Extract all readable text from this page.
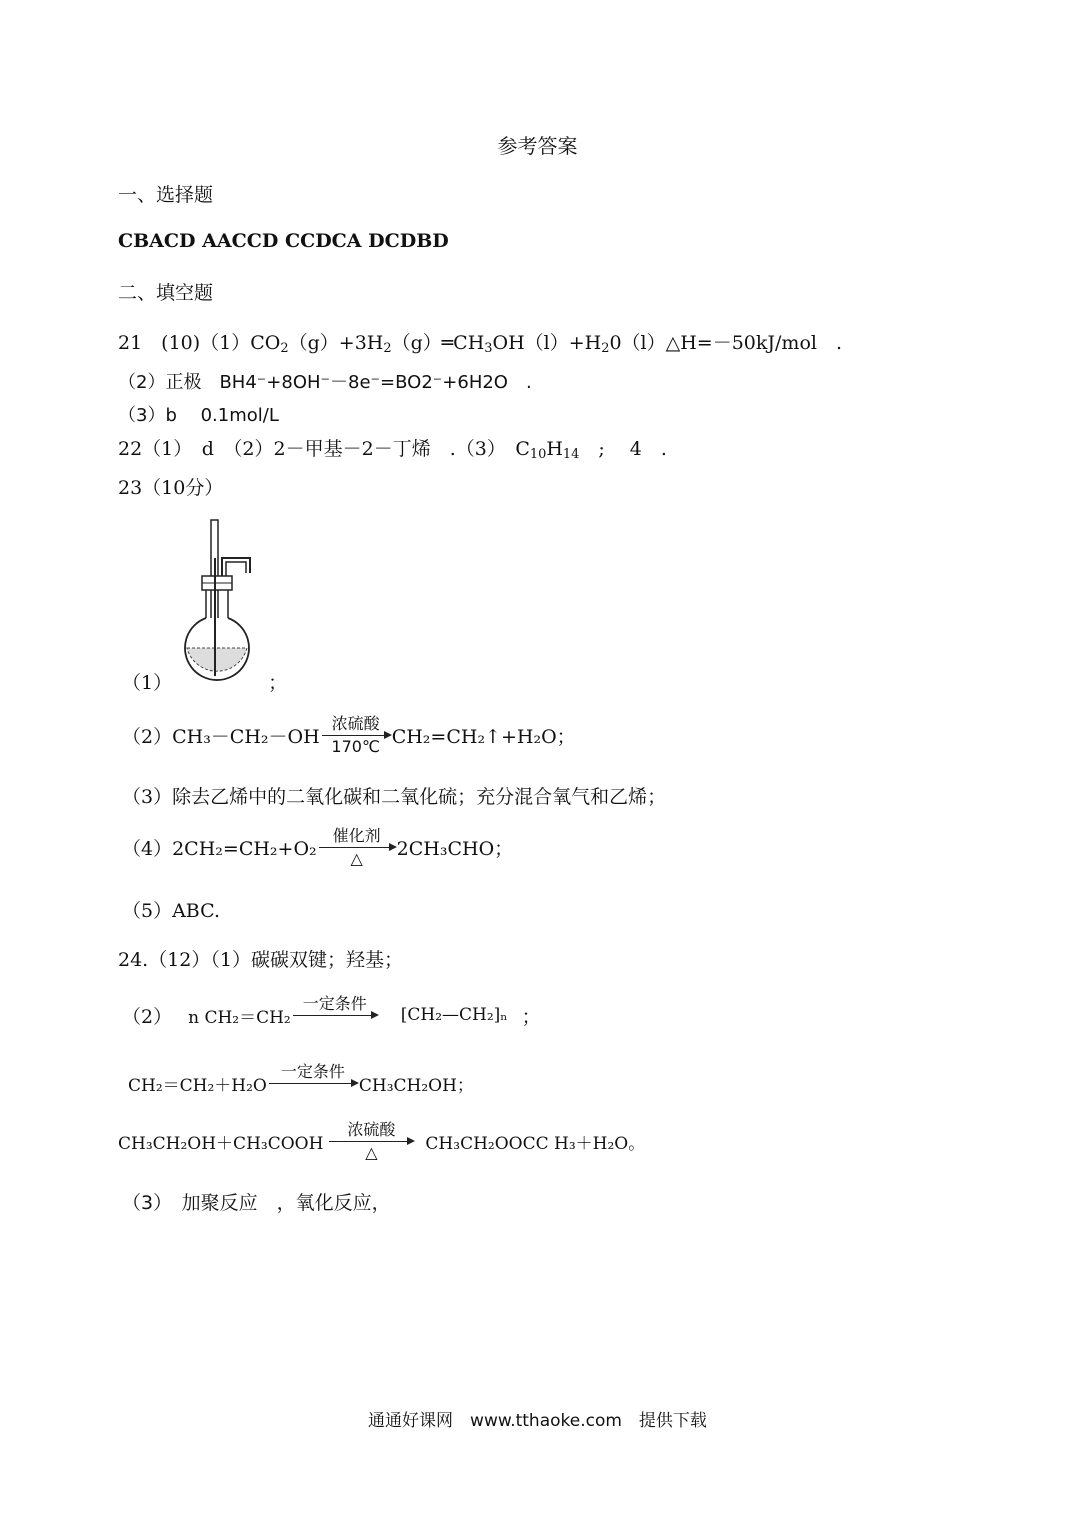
参考答案
一、选择题
CBACD AACCD CCDCA DCDBD
二、填空题
21　$(10)(1)CO_2(g)+3H_2(g)═CH_3OH(l)+H_20(l)\triangle H=-50kJ$/mol　.
（2）正极　BH4⁻+8OH⁻－8e⁻=BO2⁻+6H2O　.
（3）b　 0.1mol/L
22（1）　d　（2）2－甲基－2－丁烯　.（3）　$C_{10}H_{14}$　;　 4　.
23（10分）
（1）	；
（2）CH₃－CH₂－OH
浓硫酸
170℃ CH₂=CH₂↑+H₂O；
（3）除去乙烯中的二氧化碳和二氧化硫；充分混合氧气和乙烯；
（4）2CH₂=CH₂+O₂
催化剂
△	2CH₃CHO；
（5）ABC.
24.（12）（1）碳碳双键；羟基；
（2） n CH₂＝CH₂
一定条件

[CH₂—CH₂]ₙ ；
CH₂＝CH₂＋H₂O
一定条件

CH₃CH₂OH；
CH₃CH₂OH＋CH₃COOH
浓硫酸
△	CH₃CH₂OOCC H₃＋H₂O。
（3）　加聚反应　，氧化反应，
通通好课网　www.tthaoke.com　提供下载
